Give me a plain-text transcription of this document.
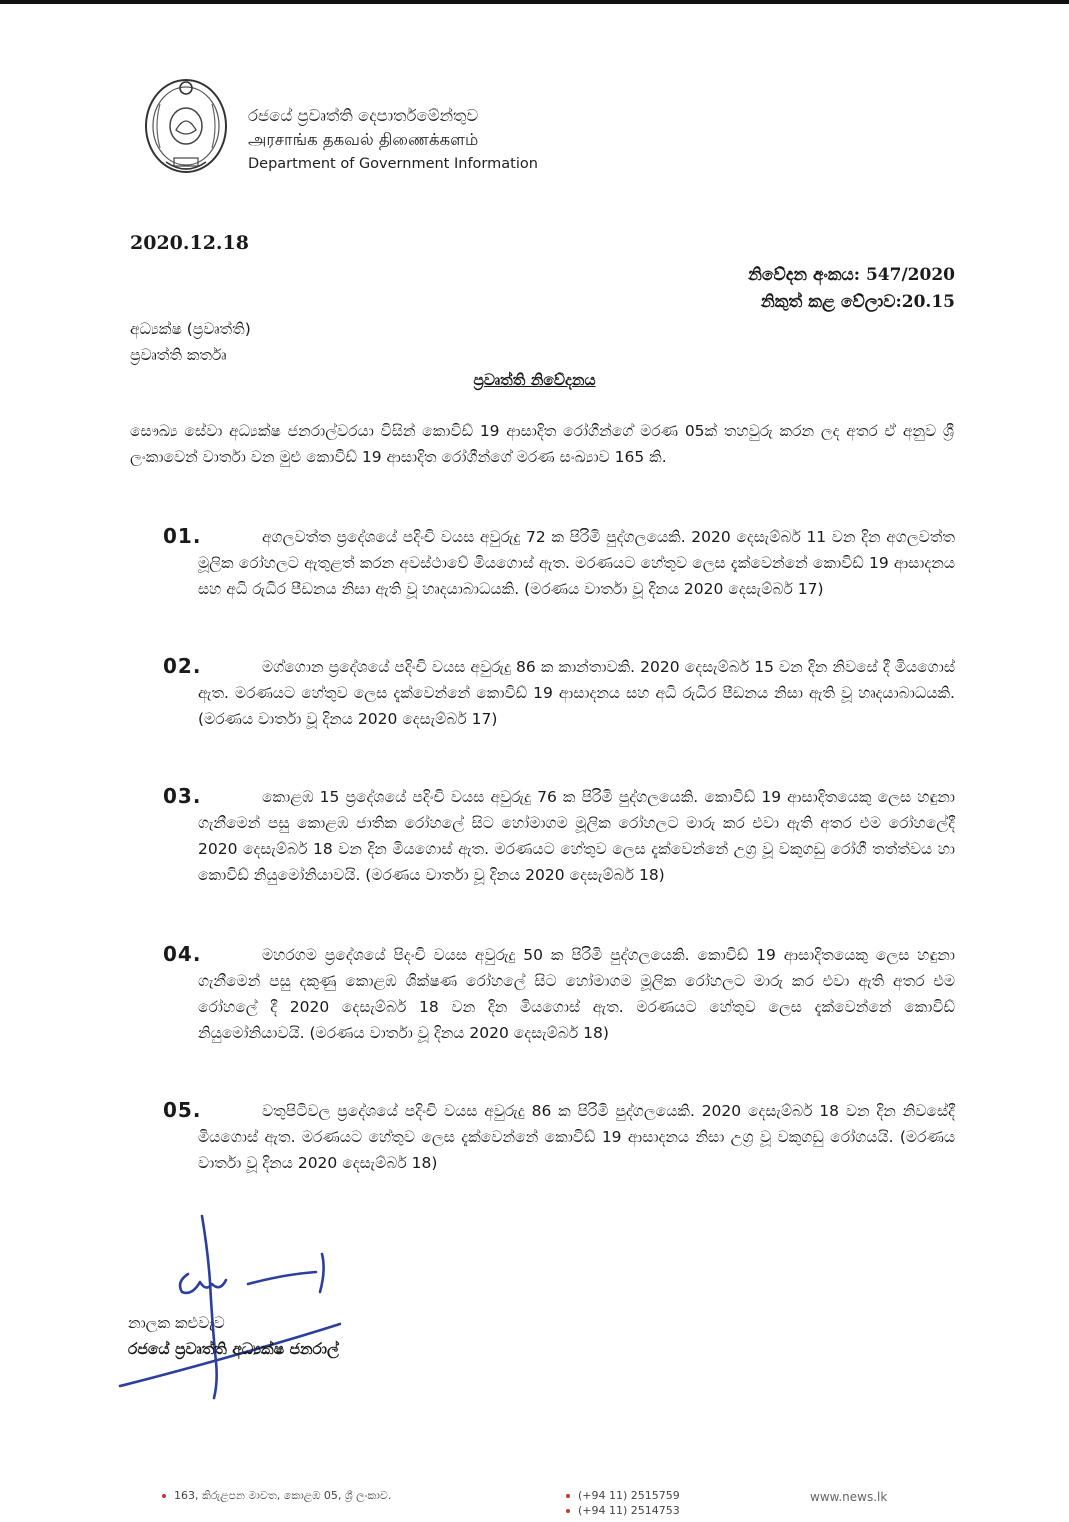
රජයේ ප්‍රවෘත්ති දෙපාර්තමේන්තුව
அரசாங்க தகவல் திணைக்களம்
Department of Government Information
2020.12.18
නිවේදන අංකය: 547/2020
නිකුත් කළ වේලාව:20.15
අධ්‍යක්ෂ (ප්‍රවෘත්ති)
ප්‍රවෘත්ති කර්තෘ
ප්‍රවෘත්ති නිවේදනය
සෞඛ්‍ය සේවා අධ්‍යක්ෂ ජනරාල්වරයා විසින් කොවිඩ් 19 ආසාදිත රෝගීන්ගේ මරණ 05ක් තහවුරු කරන ලද අතර ඒ අනුව ශ්‍රී ලංකාවෙන් වාර්තා වන මුළු කොවිඩ් 19 ආසාදිත රෝගීන්ගේ මරණ සංඛ්‍යාව 165 කි.
01.	අගලවත්ත ප්‍රදේශයේ පදිංචි වයස අවුරුදු 72 ක පිරිමි පුද්ගලයෙකි. 2020 දෙසැම්බර් 11 වන දින අගලවත්ත මූලික රෝහලට ඇතුළත් කරන අවස්ථාවේ මියගොස් ඇත. මරණයට හේතුව ලෙස දැක්වෙන්නේ කොවිඩ් 19 ආසාදනය සහ අධි රුධිර පීඩනය නිසා ඇති වූ හෘදයාබාධයකි. (මරණය වාර්තා වූ දිනය 2020 දෙසැම්බර් 17)
02.	මග්ගොන ප්‍රදේශයේ පදිංචි වයස අවුරුදු 86 ක කාන්තාවකි. 2020 දෙසැම්බර් 15 වන දින නිවසේ දී මියගොස් ඇත. මරණයට හේතුව ලෙස දැක්වෙන්නේ කොවිඩ් 19 ආසාදනය සහ අධි රුධිර පීඩනය නිසා ඇති වූ හෘදයාබාධයකි. (මරණය වාර්තා වූ දිනය 2020 දෙසැම්බර් 17)
03.	කොළඹ 15 ප්‍රදේශයේ පදිංචි වයස අවුරුදු 76 ක පිරිමි පුද්ගලයෙකි. කොවිඩ් 19 ආසාදිතයෙකු ලෙස හඳුනා ගැනීමෙන් පසු කොළඹ ජාතික රෝහලේ සිට හෝමාගම මූලික රෝහලට මාරු කර එවා ඇති අතර එම රෝහලේදී 2020 දෙසැම්බර් 18 වන දින මියගොස් ඇත. මරණයට හේතුව ලෙස දැක්වෙන්නේ උග්‍ර වූ වකුගඩු රෝගී තත්ත්වය හා කොවිඩ් නියුමෝනියාවයි. (මරණය වාර්තා වූ දිනය 2020 දෙසැම්බර් 18)
04.	මහරගම ප්‍රදේශයේ පිදංචි වයස අවුරුදු 50 ක පිරිමි පුද්ගලයෙකි. කොවිඩ් 19 ආසාදිතයෙකු ලෙස හඳුනා ගැනීමෙන් පසු දකුණු කොළඹ ශික්ෂණ රෝහලේ සිට හෝමාගම මූලික රෝහලට මාරු කර එවා ඇති අතර එම රෝහලේ දී 2020 දෙසැම්බර් 18 වන දින මියගොස් ඇත. මරණයට හේතුව ලෙස දැක්වෙන්නේ කොවිඩ් නියුමෝනියාවයි. (මරණය වාර්තා වූ දිනය 2020 දෙසැම්බර් 18)
05.	වතුපිටිවල ප්‍රදේශයේ පදිංචි වයස අවුරුදු 86 ක පිරිමි පුද්ගලයෙකි. 2020 දෙසැම්බර් 18 වන දින නිවසේදී මියගොස් ඇත. මරණයට හේතුව ලෙස දැක්වෙන්නේ කොවිඩ් 19 ආසාදනය නිසා උග්‍ර වූ වකුගඩු රෝගයයි. (මරණය වාර්තා වූ දිනය 2020 දෙසැම්බර් 18)
නාලක කළුවැව
රජයේ ප්‍රවෘත්ති අධ්‍යක්ෂ ජනරාල්
163, කිරුළපන මාවත, කොළඹ 05, ශ්‍රී ලංකාව.	(+94 11) 2515759
(+94 11) 2514753
www.news.lk
